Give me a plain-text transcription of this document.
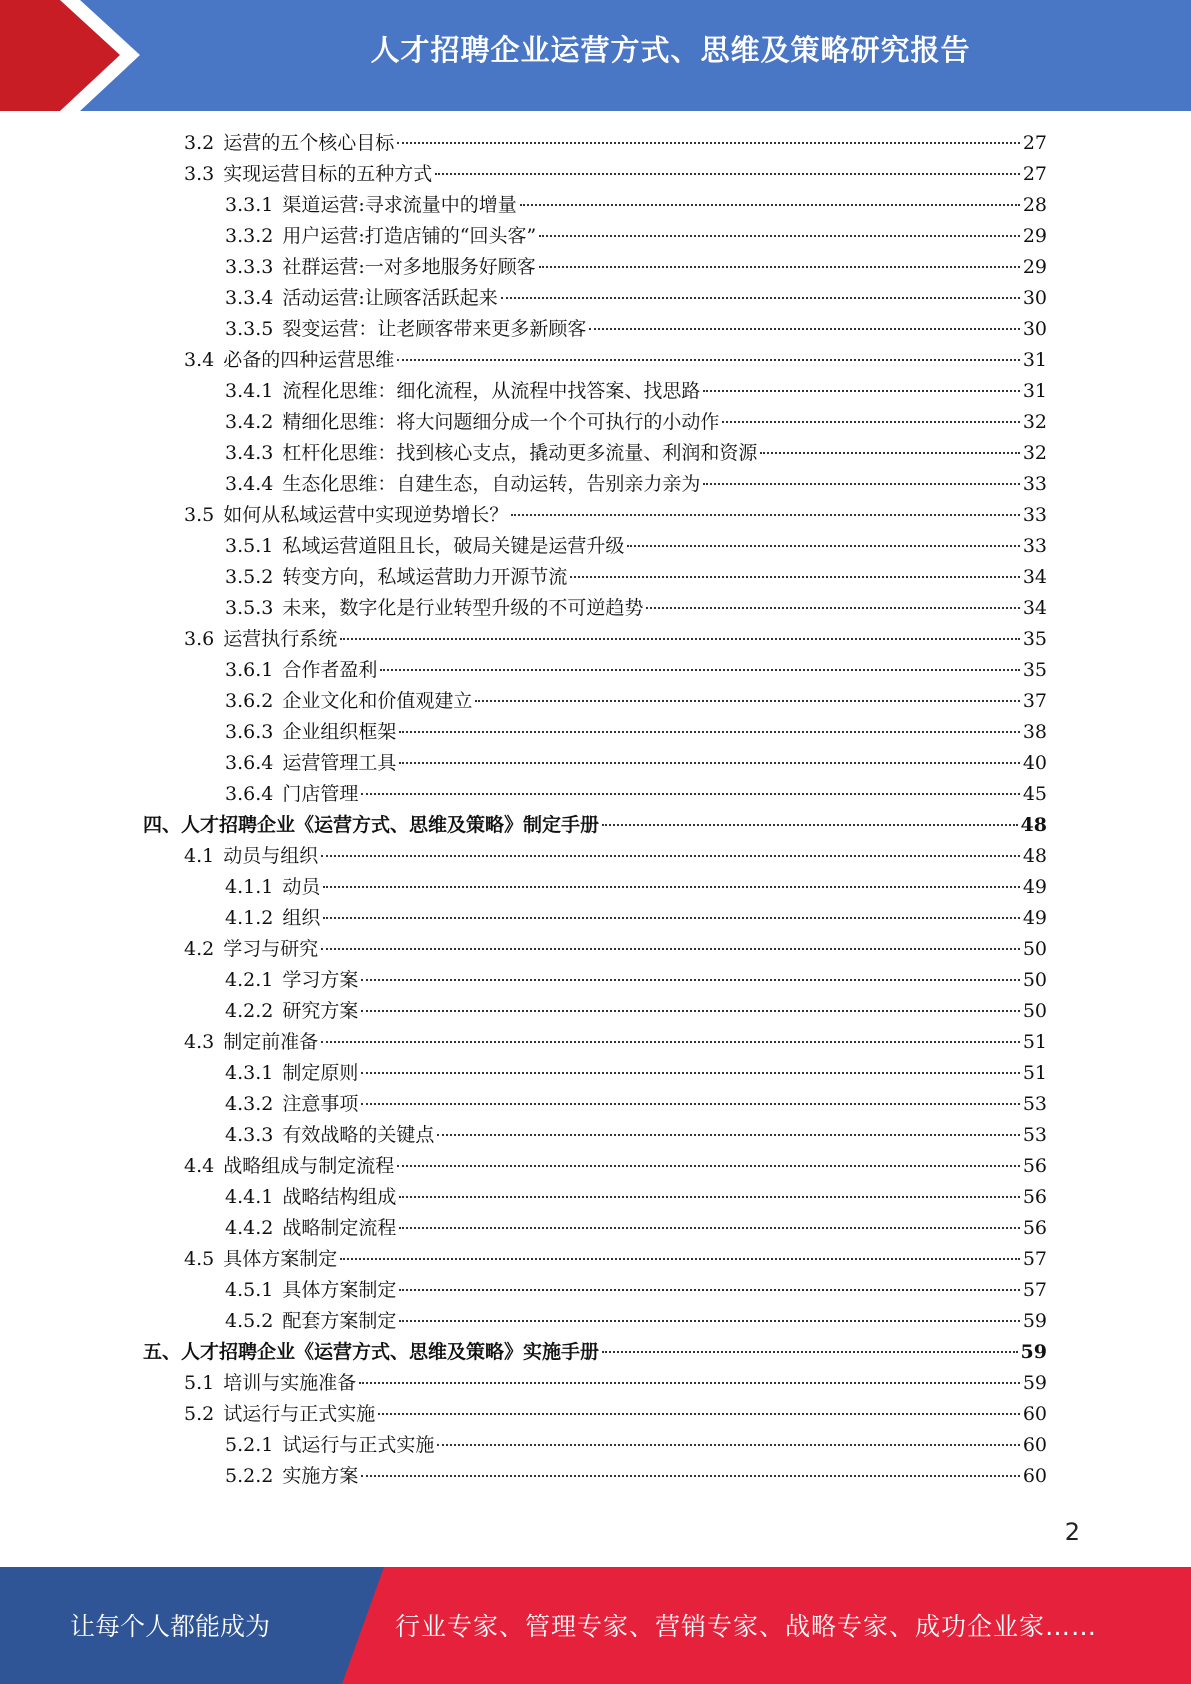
人才招聘企业运营方式、思维及策略研究报告
3.2 运营的五个核心目标	27
3.3 实现运营目标的五种方式	27
3.3.1 渠道运营:寻求流量中的增量	28
3.3.2 用户运营:打造店铺的“回头客”	29
3.3.3 社群运营:一对多地服务好顾客	29
3.3.4 活动运营:让顾客活跃起来	30
3.3.5 裂变运营：让老顾客带来更多新顾客	30
3.4 必备的四种运营思维	31
3.4.1 流程化思维：细化流程，从流程中找答案、找思路	31
3.4.2 精细化思维：将大问题细分成一个个可执行的小动作	32
3.4.3 杠杆化思维：找到核心支点，撬动更多流量、利润和资源	32
3.4.4 生态化思维：自建生态，自动运转，告别亲力亲为	33
3.5 如何从私域运营中实现逆势增长？	33
3.5.1 私域运营道阻且长，破局关键是运营升级	33
3.5.2 转变方向，私域运营助力开源节流	34
3.5.3 未来，数字化是行业转型升级的不可逆趋势	34
3.6 运营执行系统	35
3.6.1 合作者盈利	35
3.6.2 企业文化和价值观建立	37
3.6.3 企业组织框架	38
3.6.4 运营管理工具	40
3.6.4 门店管理	45
四、人才招聘企业《运营方式、思维及策略》制定手册	48
4.1 动员与组织	48
4.1.1 动员	49
4.1.2 组织	49
4.2 学习与研究	50
4.2.1 学习方案	50
4.2.2 研究方案	50
4.3 制定前准备	51
4.3.1 制定原则	51
4.3.2 注意事项	53
4.3.3 有效战略的关键点	53
4.4 战略组成与制定流程	56
4.4.1 战略结构组成	56
4.4.2 战略制定流程	56
4.5 具体方案制定	57
4.5.1 具体方案制定	57
4.5.2 配套方案制定	59
五、人才招聘企业《运营方式、思维及策略》实施手册	59
5.1 培训与实施准备	59
5.2 试运行与正式实施	60
5.2.1 试运行与正式实施	60
5.2.2 实施方案	60
2
让每个人都能成为	行业专家、管理专家、营销专家、战略专家、成功企业家……
